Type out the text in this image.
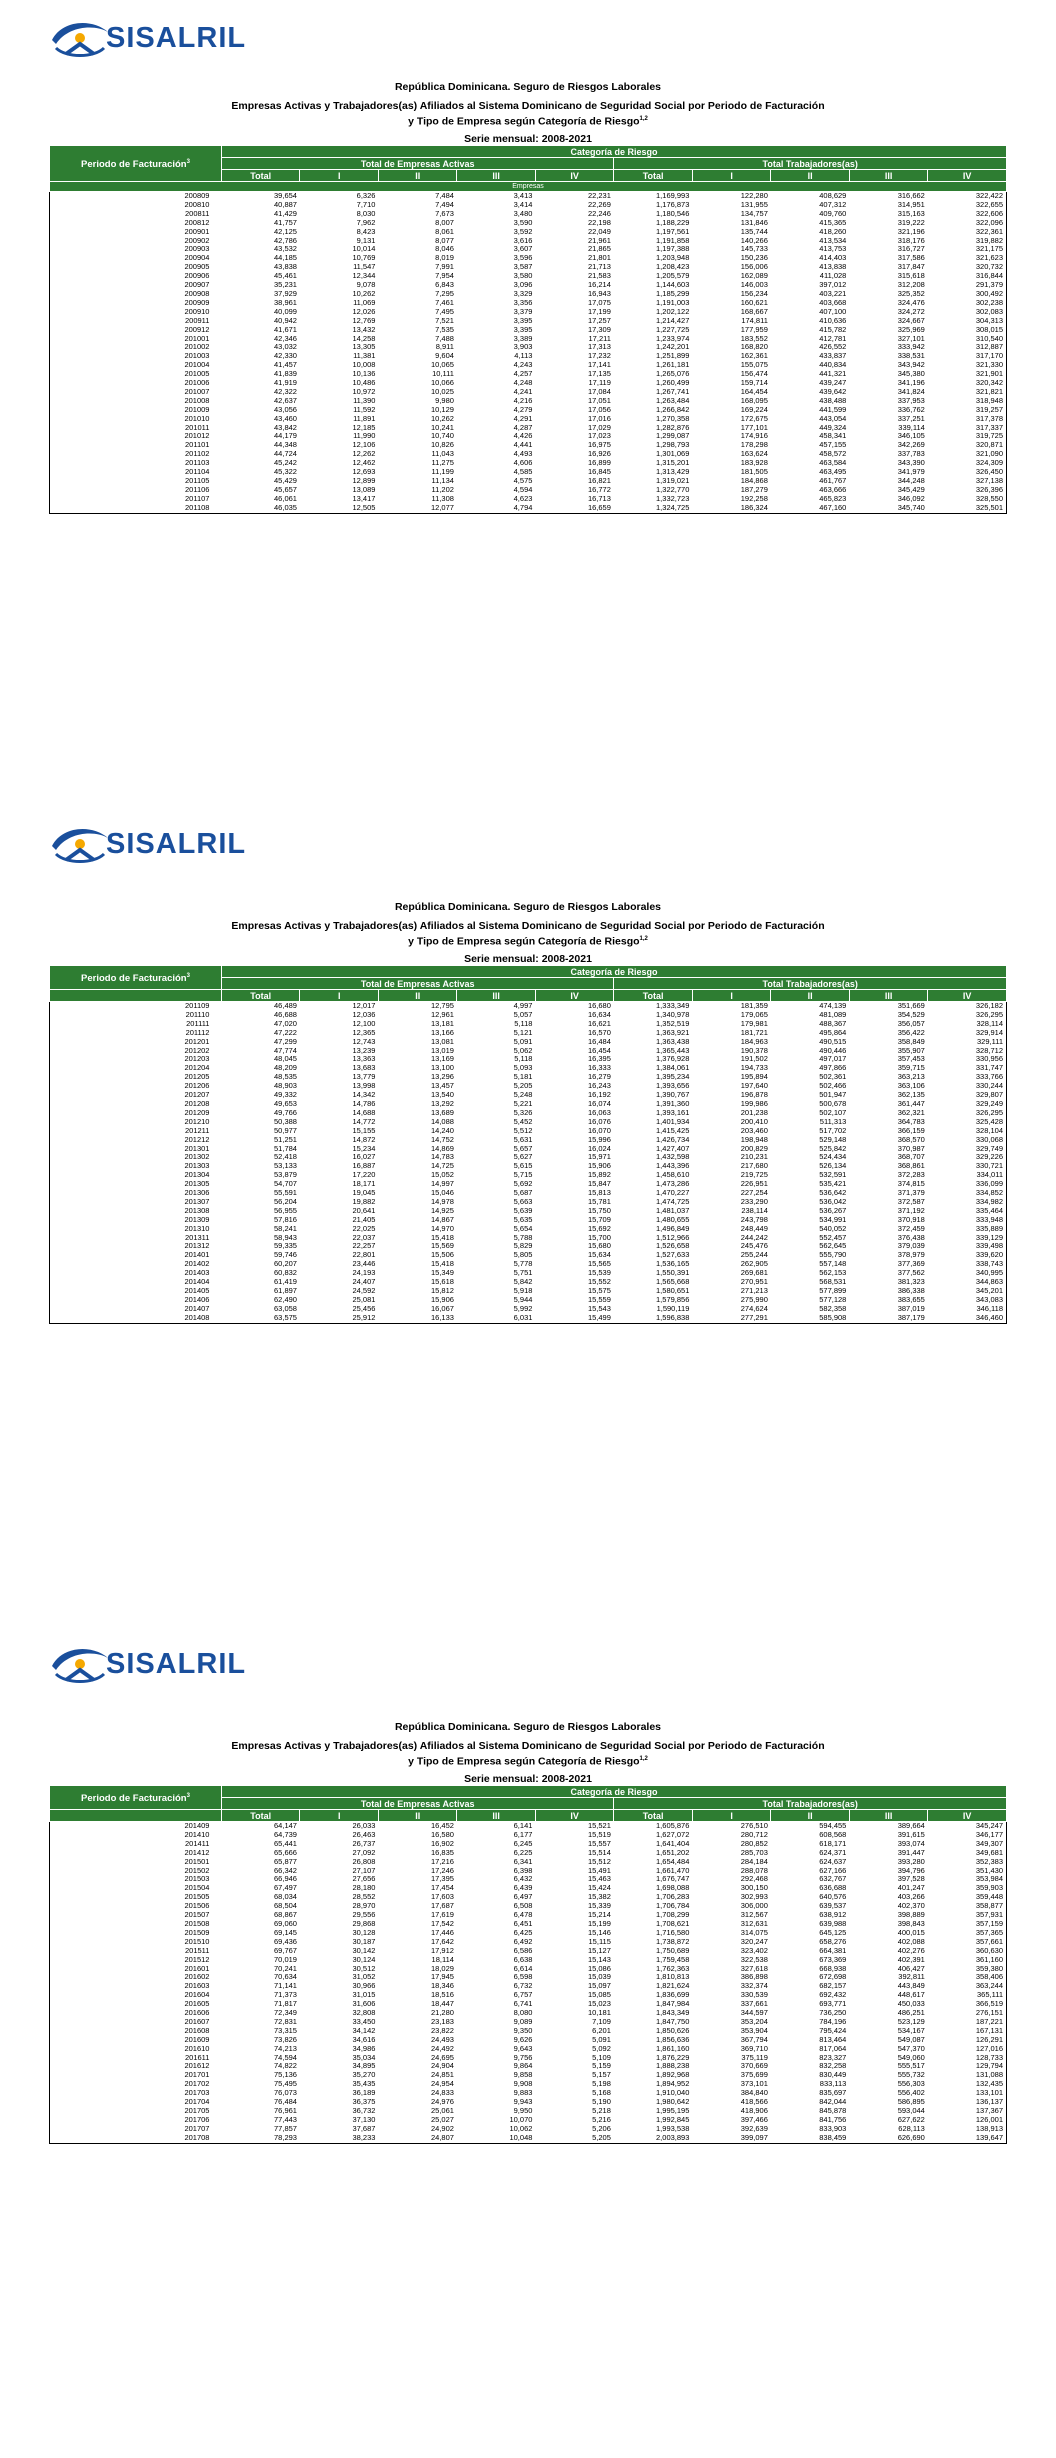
SISALRIL

República Dominicana. Seguro de Riesgos Laborales

Empresas Activas y Trabajadores(as) Afiliados al Sistema Dominicano de Seguridad Social por Periodo de Facturación

y Tipo de Empresa según Categoría de Riesgo$^{1,2}$

Serie mensual: 2008-2021

Periodo de Facturación$^3$	Categoría de Riesgo									
	Total de Empresas Activas					Total Trabajadores(as)				
	Total	I	II	III	IV	Total	I	II	III	IV
Empresas										
200809	39,654	6,326	7,484	3,413	22,231	1,169,993	122,280	408,629	316,662	322,422
200810	40,887	7,710	7,494	3,414	22,269	1,176,873	131,955	407,312	314,951	322,655
200811	41,429	8,030	7,673	3,480	22,246	1,180,546	134,757	409,760	315,163	322,606
200812	41,757	7,962	8,007	3,590	22,198	1,188,229	131,846	415,365	319,222	322,096
200901	42,125	8,423	8,061	3,592	22,049	1,197,561	135,744	418,260	321,196	322,361
200902	42,786	9,131	8,077	3,616	21,961	1,191,858	140,266	413,534	318,176	319,882
200903	43,532	10,014	8,046	3,607	21,865	1,197,388	145,733	413,753	316,727	321,175
200904	44,185	10,769	8,019	3,596	21,801	1,203,948	150,236	414,403	317,586	321,623
200905	43,838	11,547	7,991	3,587	21,713	1,208,423	156,006	413,838	317,847	320,732
200906	45,461	12,344	7,954	3,580	21,583	1,205,579	162,089	411,028	315,618	316,844
200907	35,231	9,078	6,843	3,096	16,214	1,144,603	146,003	397,012	312,208	291,379
200908	37,929	10,262	7,295	3,329	16,943	1,185,299	156,234	403,221	325,352	300,492
200909	38,961	11,069	7,461	3,356	17,075	1,191,003	160,621	403,668	324,476	302,238
200910	40,099	12,026	7,495	3,379	17,199	1,202,122	168,667	407,100	324,272	302,083
200911	40,942	12,769	7,521	3,395	17,257	1,214,427	174,811	410,636	324,667	304,313
200912	41,671	13,432	7,535	3,395	17,309	1,227,725	177,959	415,782	325,969	308,015
201001	42,346	14,258	7,488	3,389	17,211	1,233,974	183,552	412,781	327,101	310,540
201002	43,032	13,305	8,911	3,903	17,313	1,242,201	168,820	426,552	333,942	312,887
201003	42,330	11,381	9,604	4,113	17,232	1,251,899	162,361	433,837	338,531	317,170
201004	41,457	10,008	10,065	4,243	17,141	1,261,181	155,075	440,834	343,942	321,330
201005	41,839	10,136	10,111	4,257	17,135	1,265,076	156,474	441,321	345,380	321,901
201006	41,919	10,486	10,066	4,248	17,119	1,260,499	159,714	439,247	341,196	320,342
201007	42,322	10,972	10,025	4,241	17,084	1,267,741	164,454	439,642	341,824	321,821
201008	42,637	11,390	9,980	4,216	17,051	1,263,484	168,095	438,488	337,953	318,948
201009	43,056	11,592	10,129	4,279	17,056	1,266,842	169,224	441,599	336,762	319,257
201010	43,460	11,891	10,262	4,291	17,016	1,270,358	172,675	443,054	337,251	317,378
201011	43,842	12,185	10,241	4,287	17,029	1,282,876	177,101	449,324	339,114	317,337
201012	44,179	11,990	10,740	4,426	17,023	1,299,087	174,916	458,341	346,105	319,725
201101	44,348	12,106	10,826	4,441	16,975	1,298,793	178,298	457,155	342,269	320,871
201102	44,724	12,262	11,043	4,493	16,926	1,301,069	163,624	458,572	337,783	321,090
201103	45,242	12,462	11,275	4,606	16,899	1,315,201	183,928	463,584	343,390	324,309
201104	45,322	12,693	11,199	4,585	16,845	1,313,429	181,505	463,495	341,979	326,450
201105	45,429	12,899	11,134	4,575	16,821	1,319,021	184,868	461,767	344,248	327,138
201106	45,657	13,089	11,202	4,594	16,772	1,322,770	187,279	463,666	345,429	326,396
201107	46,061	13,417	11,308	4,623	16,713	1,332,723	192,258	465,823	346,092	328,550
201108	46,035	12,505	12,077	4,794	16,659	1,324,725	186,324	467,160	345,740	325,501
SISALRIL

República Dominicana. Seguro de Riesgos Laborales

Empresas Activas y Trabajadores(as) Afiliados al Sistema Dominicano de Seguridad Social por Periodo de Facturación

y Tipo de Empresa según Categoría de Riesgo$^{1,2}$

Serie mensual: 2008-2021

Periodo de Facturación$^3$	Categoría de Riesgo									
	Total de Empresas Activas					Total Trabajadores(as)				
	Total	I	II	III	IV	Total	I	II	III	IV
201109	46,489	12,017	12,795	4,997	16,680	1,333,349	181,359	474,139	351,669	326,182
201110	46,688	12,036	12,961	5,057	16,634	1,340,978	179,065	481,089	354,529	326,295
201111	47,020	12,100	13,181	5,118	16,621	1,352,519	179,981	488,367	356,057	328,114
201112	47,222	12,365	13,166	5,121	16,570	1,363,921	181,721	495,864	356,422	329,914
201201	47,299	12,743	13,081	5,091	16,484	1,363,438	184,963	490,515	358,849	329,111
201202	47,774	13,239	13,019	5,062	16,454	1,365,443	190,378	490,446	355,907	328,712
201203	48,045	13,363	13,169	5,118	16,395	1,376,928	191,502	497,017	357,453	330,956
201204	48,209	13,683	13,100	5,093	16,333	1,384,061	194,733	497,866	359,715	331,747
201205	48,535	13,779	13,296	5,181	16,279	1,395,234	195,894	502,361	363,213	333,766
201206	48,903	13,998	13,457	5,205	16,243	1,393,656	197,640	502,466	363,106	330,244
201207	49,332	14,342	13,540	5,248	16,192	1,390,767	196,878	501,947	362,135	329,807
201208	49,653	14,786	13,292	5,221	16,074	1,391,360	199,986	500,678	361,447	329,249
201209	49,766	14,688	13,689	5,326	16,063	1,393,161	201,238	502,107	362,321	326,295
201210	50,388	14,772	14,088	5,452	16,076	1,401,934	200,410	511,313	364,783	325,428
201211	50,977	15,155	14,240	5,512	16,070	1,415,425	203,460	517,702	366,159	328,104
201212	51,251	14,872	14,752	5,631	15,996	1,426,734	198,948	529,148	368,570	330,068
201301	51,784	15,234	14,869	5,657	16,024	1,427,407	200,829	525,842	370,987	329,749
201302	52,418	16,027	14,783	5,627	15,971	1,432,598	210,231	524,434	368,707	329,226
201303	53,133	16,887	14,725	5,615	15,906	1,443,396	217,680	526,134	368,861	330,721
201304	53,879	17,220	15,052	5,715	15,892	1,458,610	219,725	532,591	372,283	334,011
201305	54,707	18,171	14,997	5,692	15,847	1,473,286	226,951	535,421	374,815	336,099
201306	55,591	19,045	15,046	5,687	15,813	1,470,227	227,254	536,642	371,379	334,852
201307	56,204	19,882	14,978	5,663	15,781	1,474,725	233,290	536,042	372,587	334,982
201308	56,955	20,641	14,925	5,639	15,750	1,481,037	238,114	536,267	371,192	335,464
201309	57,816	21,405	14,867	5,635	15,709	1,480,655	243,798	534,991	370,918	333,948
201310	58,241	22,025	14,970	5,654	15,692	1,496,849	248,449	540,052	372,459	335,889
201311	58,943	22,037	15,418	5,788	15,700	1,512,966	244,242	552,457	376,438	339,129
201312	59,335	22,257	15,569	5,829	15,680	1,526,658	245,476	562,645	379,039	339,498
201401	59,746	22,801	15,506	5,805	15,634	1,527,633	255,244	555,790	378,979	339,620
201402	60,207	23,446	15,418	5,778	15,565	1,536,165	262,905	557,148	377,369	338,743
201403	60,832	24,193	15,349	5,751	15,539	1,550,391	269,681	562,153	377,562	340,995
201404	61,419	24,407	15,618	5,842	15,552	1,565,668	270,951	568,531	381,323	344,863
201405	61,897	24,592	15,812	5,918	15,575	1,580,651	271,213	577,899	386,338	345,201
201406	62,490	25,081	15,906	5,944	15,559	1,579,856	275,990	577,128	383,655	343,083
201407	63,058	25,456	16,067	5,992	15,543	1,590,119	274,624	582,358	387,019	346,118
201408	63,575	25,912	16,133	6,031	15,499	1,596,838	277,291	585,908	387,179	346,460
SISALRIL

República Dominicana. Seguro de Riesgos Laborales

Empresas Activas y Trabajadores(as) Afiliados al Sistema Dominicano de Seguridad Social por Periodo de Facturación

y Tipo de Empresa según Categoría de Riesgo$^{1,2}$

Serie mensual: 2008-2021

Periodo de Facturación$^3$	Categoría de Riesgo									
	Total de Empresas Activas					Total Trabajadores(as)				
	Total	I	II	III	IV	Total	I	II	III	IV
201409	64,147	26,033	16,452	6,141	15,521	1,605,876	276,510	594,455	389,664	345,247
201410	64,739	26,463	16,580	6,177	15,519	1,627,072	280,712	608,568	391,615	346,177
201411	65,441	26,737	16,902	6,245	15,557	1,641,404	280,852	618,171	393,074	349,307
201412	65,666	27,092	16,835	6,225	15,514	1,651,202	285,703	624,371	391,447	349,681
201501	65,877	26,808	17,216	6,341	15,512	1,654,484	284,184	624,637	393,280	352,383
201502	66,342	27,107	17,246	6,398	15,491	1,661,470	288,078	627,166	394,796	351,430
201503	66,946	27,656	17,395	6,432	15,463	1,676,747	292,468	632,767	397,528	353,984
201504	67,497	28,180	17,454	6,439	15,424	1,698,088	300,150	636,688	401,247	359,903
201505	68,034	28,552	17,603	6,497	15,382	1,706,283	302,993	640,576	403,266	359,448
201506	68,504	28,970	17,687	6,508	15,339	1,706,784	306,000	639,537	402,370	358,877
201507	68,867	29,556	17,619	6,478	15,214	1,708,299	312,567	638,912	398,889	357,931
201508	69,060	29,868	17,542	6,451	15,199	1,708,621	312,631	639,988	398,843	357,159
201509	69,145	30,128	17,446	6,425	15,146	1,716,580	314,075	645,125	400,015	357,365
201510	69,436	30,187	17,642	6,492	15,115	1,738,872	320,247	658,276	402,088	357,661
201511	69,767	30,142	17,912	6,586	15,127	1,750,689	323,402	664,381	402,276	360,630
201512	70,019	30,124	18,114	6,638	15,143	1,759,458	322,538	673,369	402,391	361,160
201601	70,241	30,512	18,029	6,614	15,086	1,762,363	327,618	668,938	406,427	359,380
201602	70,634	31,052	17,945	6,598	15,039	1,810,813	386,898	672,698	392,811	358,406
201603	71,141	30,966	18,346	6,732	15,097	1,821,624	332,374	682,157	443,849	363,244
201604	71,373	31,015	18,516	6,757	15,085	1,836,699	330,539	692,432	448,617	365,111
201605	71,817	31,606	18,447	6,741	15,023	1,847,984	337,661	693,771	450,033	366,519
201606	72,349	32,808	21,280	8,080	10,181	1,843,349	344,597	736,250	486,251	276,151
201607	72,831	33,450	23,183	9,089	7,109	1,847,750	353,204	784,196	523,129	187,221
201608	73,315	34,142	23,822	9,350	6,201	1,850,626	353,904	795,424	534,167	167,131
201609	73,826	34,616	24,493	9,626	5,091	1,856,636	367,794	813,464	549,087	126,291
201610	74,213	34,986	24,492	9,643	5,092	1,861,160	369,710	817,064	547,370	127,016
201611	74,594	35,034	24,695	9,756	5,109	1,876,229	375,119	823,327	549,060	128,733
201612	74,822	34,895	24,904	9,864	5,159	1,888,238	370,669	832,258	555,517	129,794
201701	75,136	35,270	24,851	9,858	5,157	1,892,968	375,699	830,449	555,732	131,088
201702	75,495	35,435	24,954	9,908	5,198	1,894,952	373,101	833,113	556,303	132,435
201703	76,073	36,189	24,833	9,883	5,168	1,910,040	384,840	835,697	556,402	133,101
201704	76,484	36,375	24,976	9,943	5,190	1,980,642	418,566	842,044	586,895	136,137
201705	76,961	36,732	25,061	9,950	5,218	1,995,195	418,906	845,878	593,044	137,367
201706	77,443	37,130	25,027	10,070	5,216	1,992,845	397,466	841,756	627,622	126,001
201707	77,857	37,687	24,902	10,062	5,206	1,993,538	392,639	833,903	628,113	138,913
201708	78,293	38,233	24,807	10,048	5,205	2,003,893	399,097	838,459	626,690	139,647
